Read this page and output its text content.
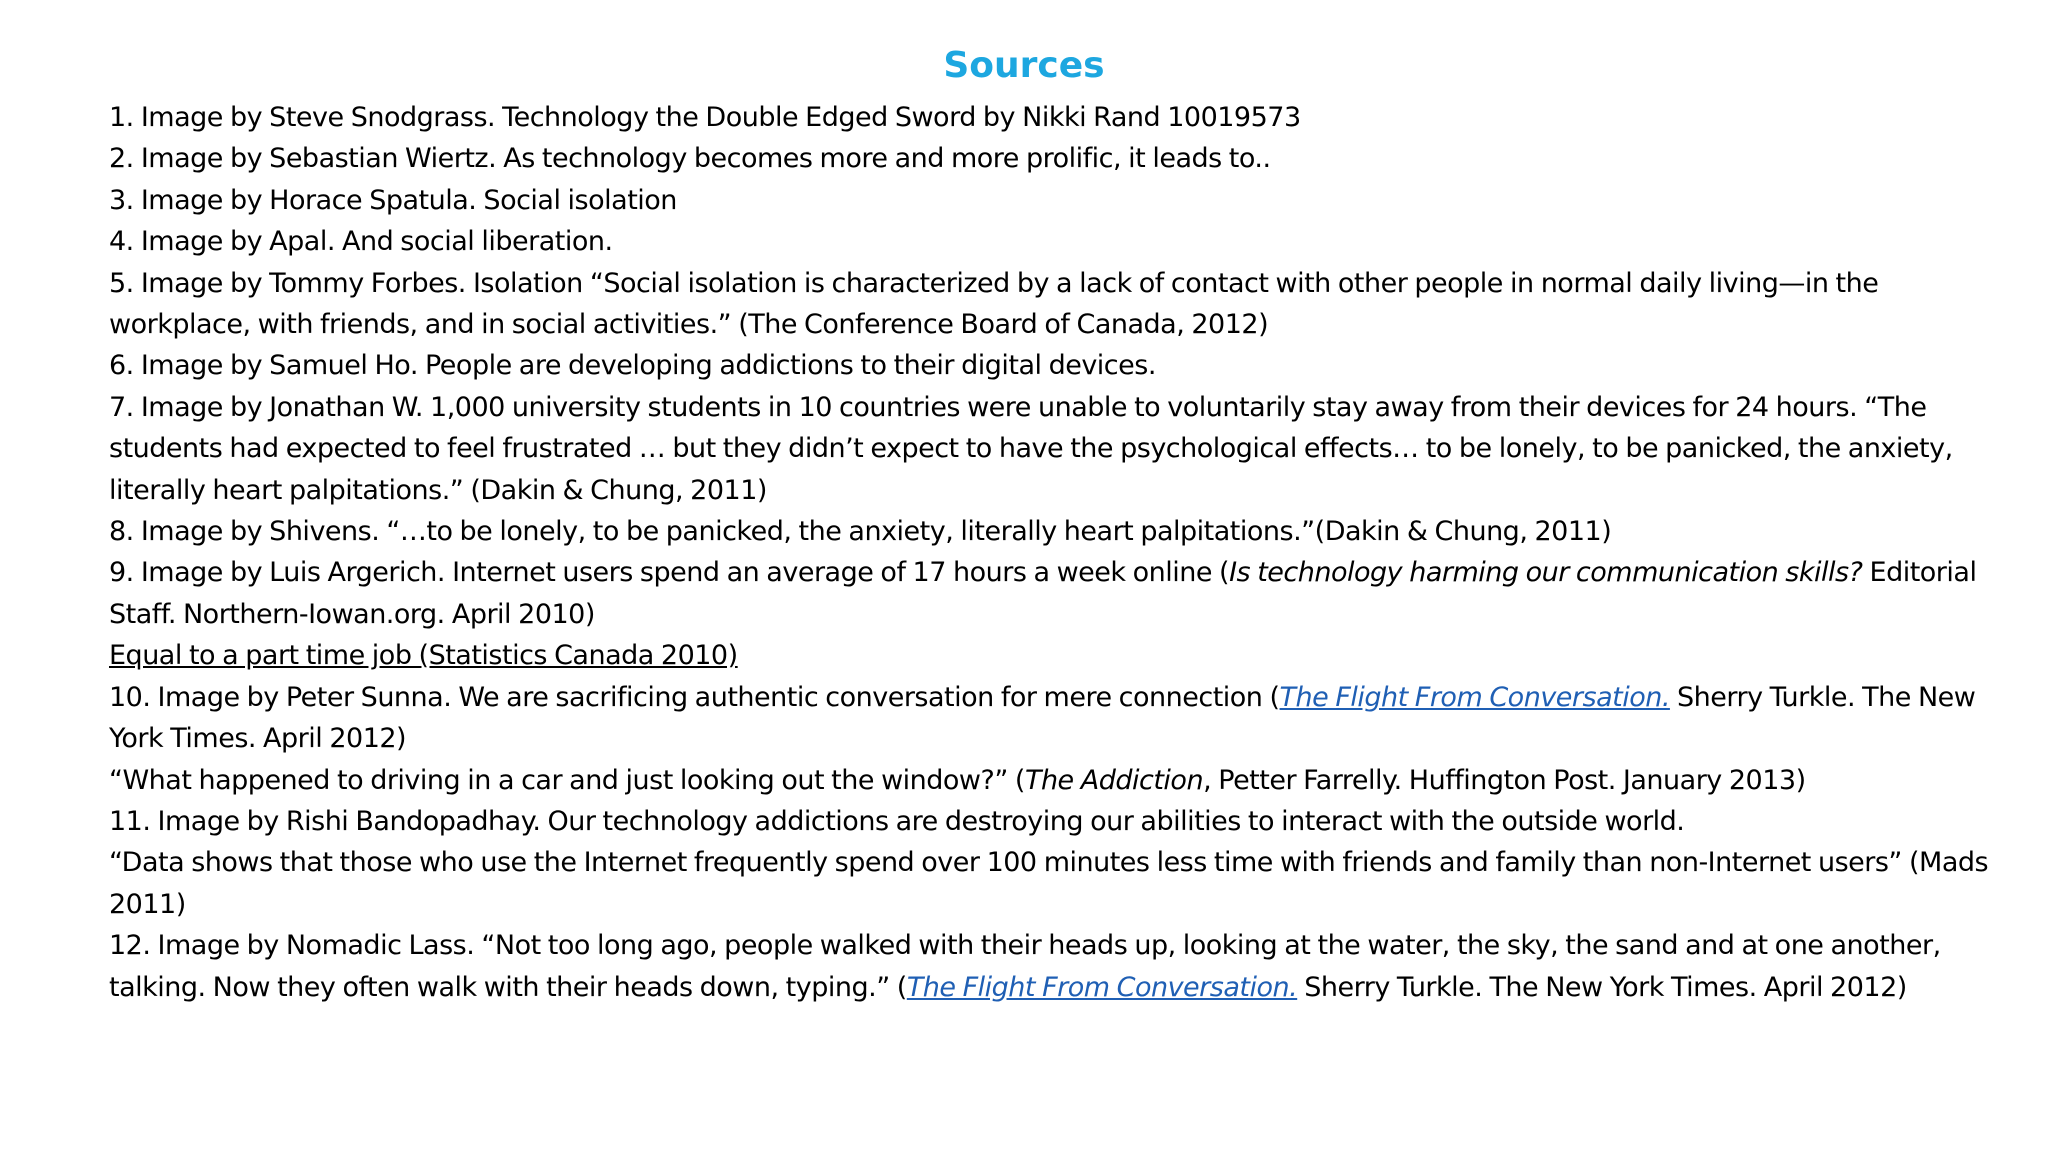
Sources

1. Image by Steve Snodgrass. Technology the Double Edged Sword by Nikki Rand 10019573

2. Image by Sebastian Wiertz. As technology becomes more and more prolific, it leads to..

3. Image by Horace Spatula. Social isolation

4. Image by Apal. And social liberation.

5. Image by Tommy Forbes. Isolation “Social isolation is characterized by a lack of contact with other people in normal daily living—in the workplace, with friends, and in social activities.” (The Conference Board of Canada, 2012)

6. Image by Samuel Ho. People are developing addictions to their digital devices.

7. Image by Jonathan W. 1,000 university students in 10 countries were unable to voluntarily stay away from their devices for 24 hours. “The students had expected to feel frustrated … but they didn’t expect to have the psychological effects… to be lonely, to be panicked, the anxiety, literally heart palpitations.” (Dakin & Chung, 2011)

8. Image by Shivens. “…to be lonely, to be panicked, the anxiety, literally heart palpitations.”(Dakin & Chung, 2011)

9. Image by Luis Argerich. Internet users spend an average of 17 hours a week online (Is technology harming our communication skills? Editorial Staff. Northern-Iowan.org. April 2010)

Equal to a part time job (Statistics Canada 2010)

10. Image by Peter Sunna. We are sacrificing authentic conversation for mere connection (The Flight From Conversation. Sherry Turkle. The New York Times. April 2012)

“What happened to driving in a car and just looking out the window?” (The Addiction, Petter Farrelly. Huffington Post. January 2013)

11. Image by Rishi Bandopadhay. Our technology addictions are destroying our abilities to interact with the outside world.

“Data shows that those who use the Internet frequently spend over 100 minutes less time with friends and family than non-Internet users” (Mads 2011)

12. Image by Nomadic Lass. “Not too long ago, people walked with their heads up, looking at the water, the sky, the sand and at one another, talking. Now they often walk with their heads down, typing.” (The Flight From Conversation. Sherry Turkle. The New York Times. April 2012)
